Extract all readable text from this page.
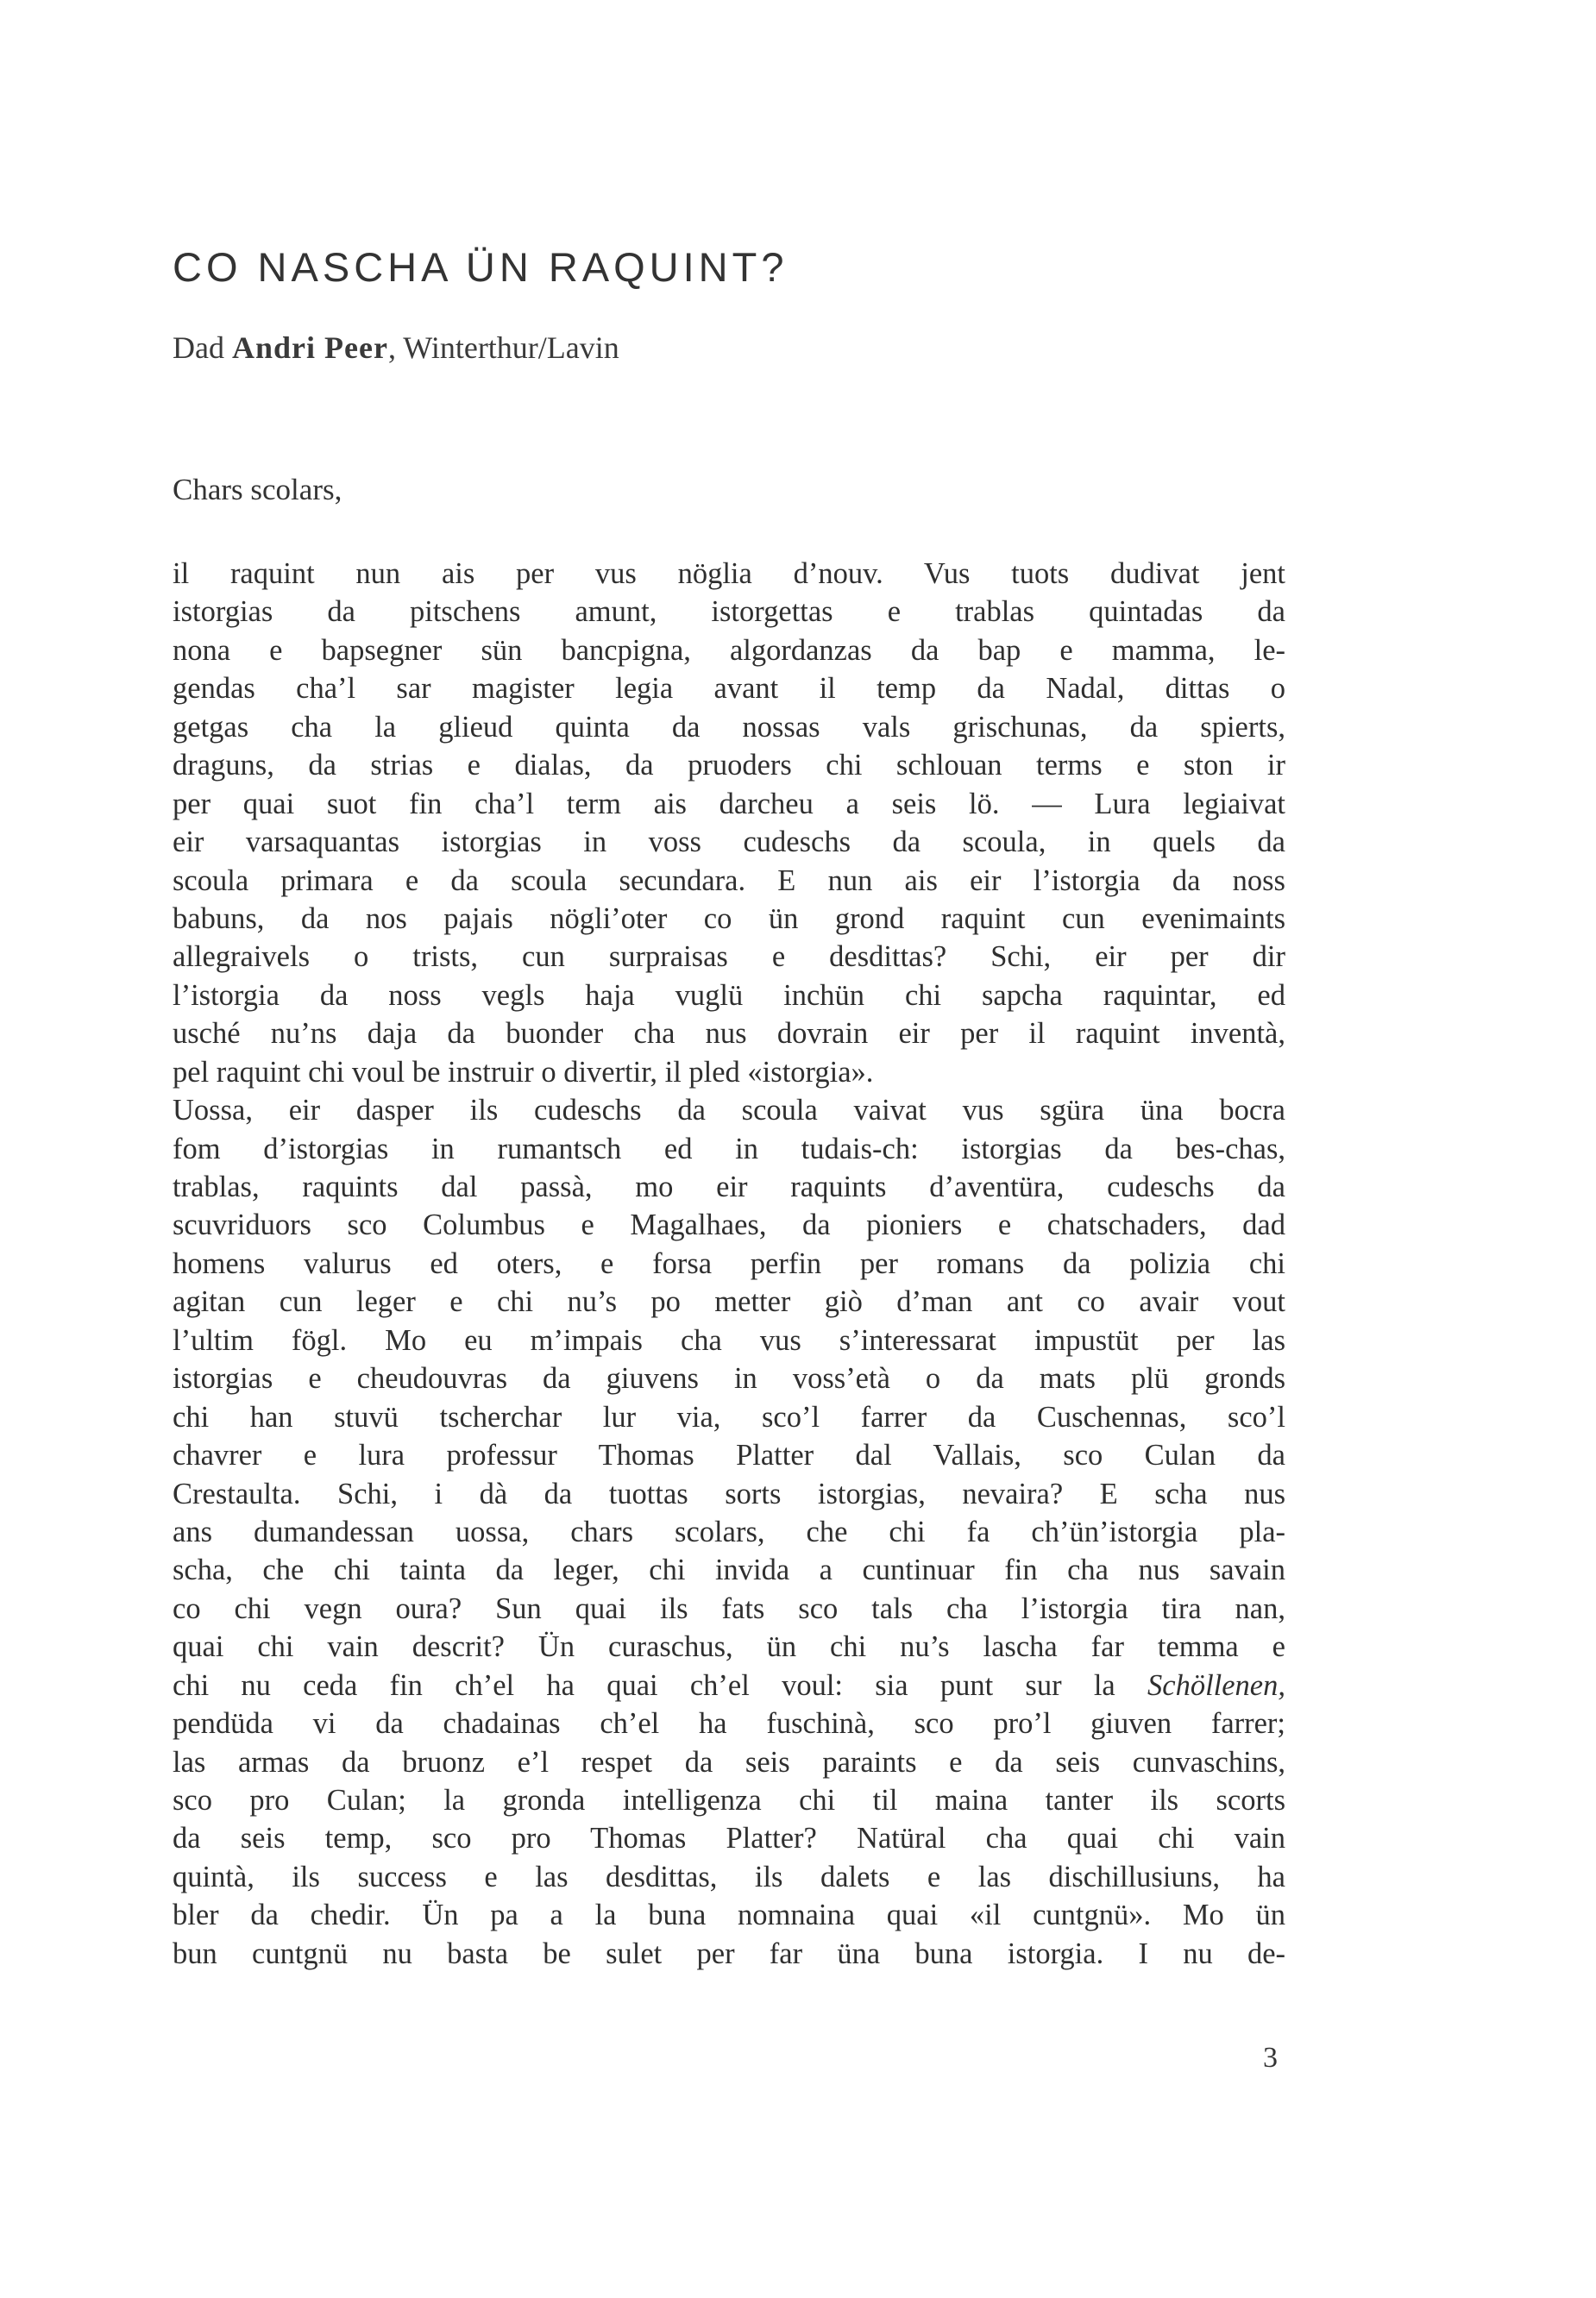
CO NASCHA ÜN RAQUINT?
Dad Andri Peer, Winterthur/Lavin
Chars scolars,
il raquint nun ais per vus nöglia d’nouv. Vus tuots dudivat jent
istorgias da pitschens amunt, istorgettas e trablas quintadas da
nona e bapsegner sün bancpigna, algordanzas da bap e mamma, le-
gendas cha’l sar magister legia avant il temp da Nadal, dittas o
getgas cha la glieud quinta da nossas vals grischunas, da spierts,
draguns, da strias e dialas, da pruoders chi schlouan terms e ston ir
per quai suot fin cha’l term ais darcheu a seis lö. — Lura legiaivat
eir varsaquantas istorgias in voss cudeschs da scoula, in quels da
scoula primara e da scoula secundara. E nun ais eir l’istorgia da noss
babuns, da nos pajais nögli’oter co ün grond raquint cun evenimaints
allegraivels o trists, cun surpraisas e desdittas? Schi, eir per dir
l’istorgia da noss vegls haja vuglü inchün chi sapcha raquintar, ed
usché nu’ns daja da buonder cha nus dovrain eir per il raquint inventà,
pel raquint chi voul be instruir o divertir, il pled «istorgia».
Uossa, eir dasper ils cudeschs da scoula vaivat vus sgüra üna bocra
fom d’istorgias in rumantsch ed in tudais-ch: istorgias da bes-chas,
trablas, raquints dal passà, mo eir raquints d’aventüra, cudeschs da
scuvriduors sco Columbus e Magalhaes, da pioniers e chatschaders, dad
homens valurus ed oters, e forsa perfin per romans da polizia chi
agitan cun leger e chi nu’s po metter giò d’man ant co avair vout
l’ultim fögl. Mo eu m’impais cha vus s’interessarat impustüt per las
istorgias e cheudouvras da giuvens in voss’età o da mats plü gronds
chi han stuvü tscherchar lur via, sco’l farrer da Cuschennas, sco’l
chavrer e lura professur Thomas Platter dal Vallais, sco Culan da
Crestaulta. Schi, i dà da tuottas sorts istorgias, nevaira? E scha nus
ans dumandessan uossa, chars scolars, che chi fa ch’ün’istorgia pla-
scha, che chi tainta da leger, chi invida a cuntinuar fin cha nus savain
co chi vegn oura? Sun quai ils fats sco tals cha l’istorgia tira nan,
quai chi vain descrit? Ün curaschus, ün chi nu’s lascha far temma e
chi nu ceda fin ch’el ha quai ch’el voul: sia punt sur la Schöllenen,
pendüda vi da chadainas ch’el ha fuschinà, sco pro’l giuven farrer;
las armas da bruonz e’l respet da seis paraints e da seis cunvaschins,
sco pro Culan; la gronda intelligenza chi til maina tanter ils scorts
da seis temp, sco pro Thomas Platter? Natüral cha quai chi vain
quintà, ils success e las desdittas, ils dalets e las dischillusiuns, ha
bler da chedir. Ün pa a la buna nomnaina quai «il cuntgnü». Mo ün
bun cuntgnü nu basta be sulet per far üna buna istorgia. I nu de-
3
